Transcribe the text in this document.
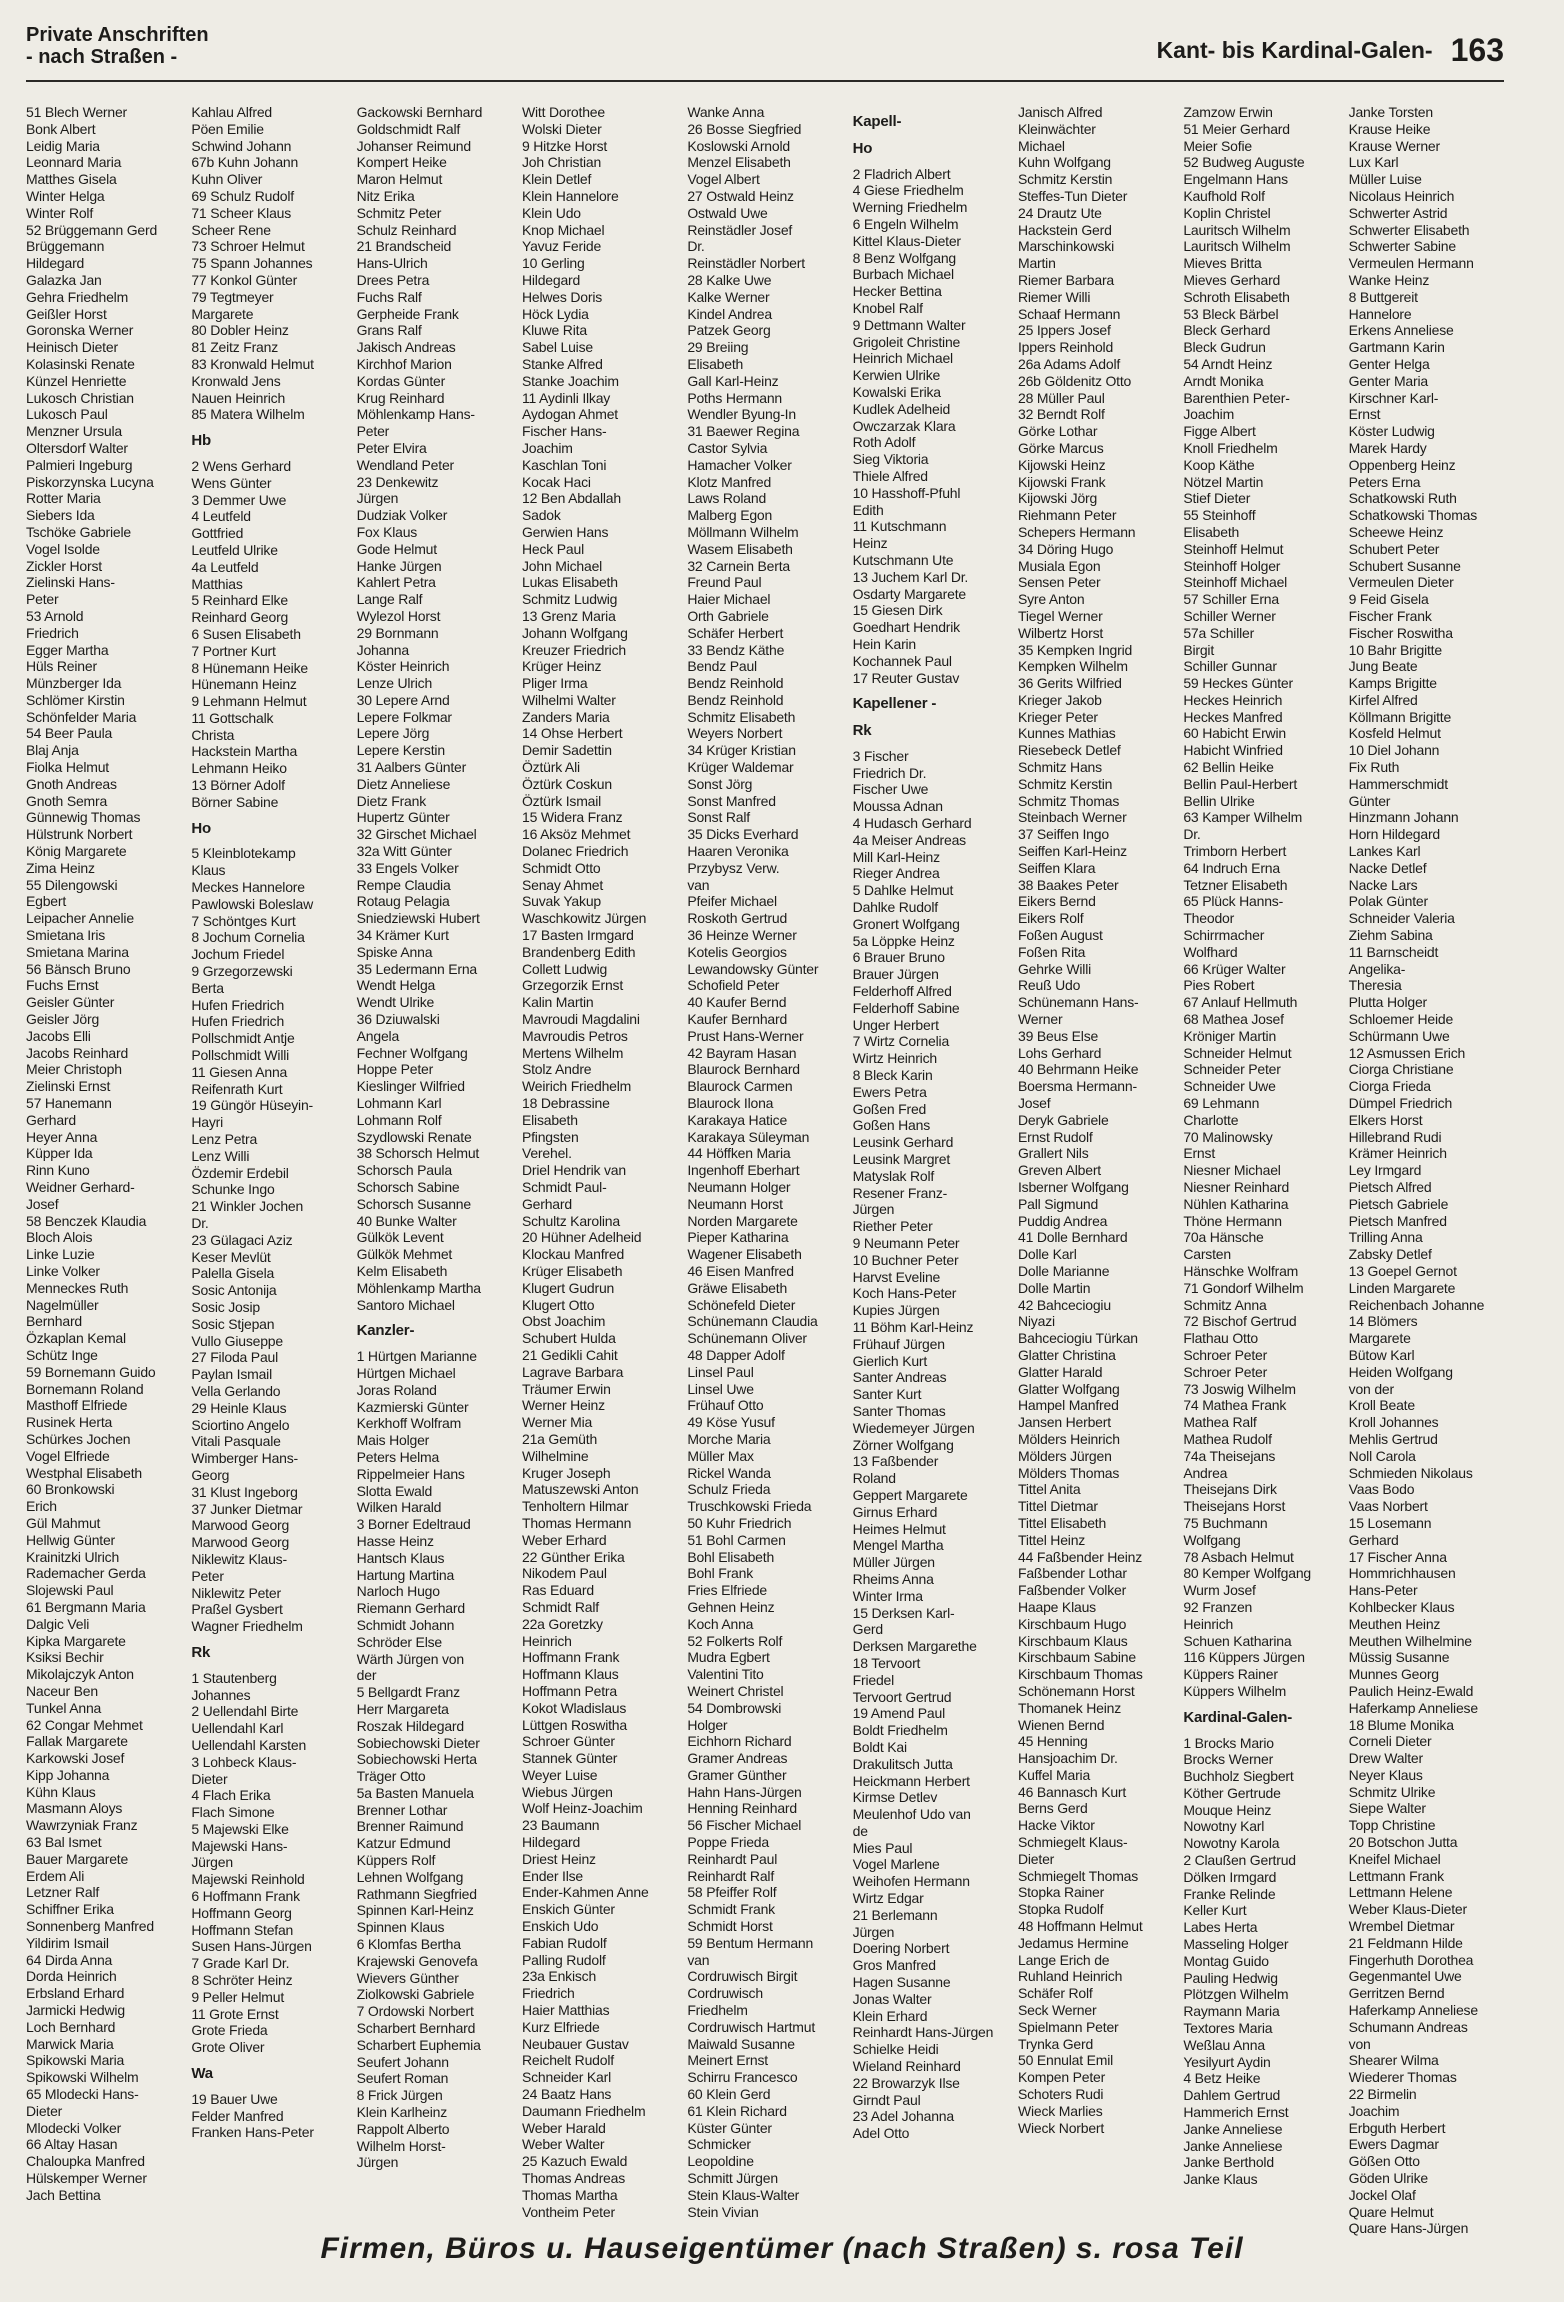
Private Anschriften
- nach Straßen -	Kant- bis Kardinal-Galen- 163
51 Blech Werner
Bonk Albert
Leidig Maria
Leonnard Maria
Matthes Gisela
Winter Helga
Winter Rolf
52 Brüggemann Gerd
Brüggemann
Hildegard
Galazka Jan
Gehra Friedhelm
Geißler Horst
Goronska Werner
Heinisch Dieter
Kolasinski Renate
Künzel Henriette
Lukosch Christian
Lukosch Paul
Menzner Ursula
Oltersdorf Walter
Palmieri Ingeburg
Piskorzynska Lucyna
Rotter Maria
Siebers Ida
Tschöke Gabriele
Vogel Isolde
Zickler Horst
Zielinski Hans-
Peter
53 Arnold
Friedrich
Egger Martha
Hüls Reiner
Münzberger Ida
Schlömer Kirstin
Schönfelder Maria
54 Beer Paula
Blaj Anja
Fiolka Helmut
Gnoth Andreas
Gnoth Semra
Günnewig Thomas
Hülstrunk Norbert
König Margarete
Zima Heinz
55 Dilengowski
Egbert
Leipacher Annelie
Smietana Iris
Smietana Marina
56 Bänsch Bruno
Fuchs Ernst
Geisler Günter
Geisler Jörg
Jacobs Elli
Jacobs Reinhard
Meier Christoph
Zielinski Ernst
57 Hanemann
Gerhard
Heyer Anna
Küpper Ida
Rinn Kuno
Weidner Gerhard-
Josef
58 Benczek Klaudia
Bloch Alois
Linke Luzie
Linke Volker
Menneckes Ruth
Nagelmüller
Bernhard
Özkaplan Kemal
Schütz Inge
59 Bornemann Guido
Bornemann Roland
Masthoff Elfriede
Rusinek Herta
Schürkes Jochen
Vogel Elfriede
Westphal Elisabeth
60 Bronkowski
Erich
Gül Mahmut
Hellwig Günter
Krainitzki Ulrich
Rademacher Gerda
Slojewski Paul
61 Bergmann Maria
Dalgic Veli
Kipka Margarete
Ksiksi Bechir
Mikolajczyk Anton
Naceur Ben
Tunkel Anna
62 Congar Mehmet
Fallak Margarete
Karkowski Josef
Kipp Johanna
Kühn Klaus
Masmann Aloys
Wawrzyniak Franz
63 Bal Ismet
Bauer Margarete
Erdem Ali
Letzner Ralf
Schiffner Erika
Sonnenberg Manfred
Yildirim Ismail
64 Dirda Anna
Dorda Heinrich
Erbsland Erhard
Jarmicki Hedwig
Loch Bernhard
Marwick Maria
Spikowski Maria
Spikowski Wilhelm
65 Mlodecki Hans-
Dieter
Mlodecki Volker
66 Altay Hasan
Chaloupka Manfred
Hülskemper Werner
Jach Bettina
Kahlau Alfred
Pöen Emilie
Schwind Johann
67b Kuhn Johann
Kuhn Oliver
69 Schulz Rudolf
71 Scheer Klaus
Scheer Rene
73 Schroer Helmut
75 Spann Johannes
77 Konkol Günter
79 Tegtmeyer
Margarete
80 Dobler Heinz
81 Zeitz Franz
83 Kronwald Helmut
Kronwald Jens
Nauen Heinrich
85 Matera Wilhelm
Hb
2 Wens Gerhard
Wens Günter
3 Demmer Uwe
4 Leutfeld
Gottfried
Leutfeld Ulrike
4a Leutfeld
Matthias
5 Reinhard Elke
Reinhard Georg
6 Susen Elisabeth
7 Portner Kurt
8 Hünemann Heike
Hünemann Heinz
9 Lehmann Helmut
11 Gottschalk
Christa
Hackstein Martha
Lehmann Heiko
13 Börner Adolf
Börner Sabine
Ho
5 Kleinblotekamp
Klaus
Meckes Hannelore
Pawlowski Boleslaw
7 Schöntges Kurt
8 Jochum Cornelia
Jochum Friedel
9 Grzegorzewski
Berta
Hufen Friedrich
Hufen Friedrich
Pollschmidt Antje
Pollschmidt Willi
11 Giesen Anna
Reifenrath Kurt
19 Güngör Hüseyin-
Hayri
Lenz Petra
Lenz Willi
Özdemir Erdebil
Schunke Ingo
21 Winkler Jochen
Dr.
23 Gülagaci Aziz
Keser Mevlüt
Palella Gisela
Sosic Antonija
Sosic Josip
Sosic Stjepan
Vullo Giuseppe
27 Filoda Paul
Paylan Ismail
Vella Gerlando
29 Heinle Klaus
Sciortino Angelo
Vitali Pasquale
Wimberger Hans-
Georg
31 Klust Ingeborg
37 Junker Dietmar
Marwood Georg
Marwood Georg
Niklewitz Klaus-
Peter
Niklewitz Peter
Praßel Gysbert
Wagner Friedhelm
Rk
1 Stautenberg
Johannes
2 Uellendahl Birte
Uellendahl Karl
Uellendahl Karsten
3 Lohbeck Klaus-
Dieter
4 Flach Erika
Flach Simone
5 Majewski Elke
Majewski Hans-
Jürgen
Majewski Reinhold
6 Hoffmann Frank
Hoffmann Georg
Hoffmann Stefan
Susen Hans-Jürgen
7 Grade Karl Dr.
8 Schröter Heinz
9 Peller Helmut
11 Grote Ernst
Grote Frieda
Grote Oliver
Wa
19 Bauer Uwe
Felder Manfred
Franken Hans-Peter
Gackowski Bernhard
Goldschmidt Ralf
Johanser Reimund
Kompert Heike
Maron Helmut
Nitz Erika
Schmitz Peter
Schulz Reinhard
21 Brandscheid
Hans-Ulrich
Drees Petra
Fuchs Ralf
Gerpheide Frank
Grans Ralf
Jakisch Andreas
Kirchhof Marion
Kordas Günter
Krug Reinhard
Möhlenkamp Hans-
Peter
Peter Elvira
Wendland Peter
23 Denkewitz
Jürgen
Dudziak Volker
Fox Klaus
Gode Helmut
Hanke Jürgen
Kahlert Petra
Lange Ralf
Wylezol Horst
29 Bornmann
Johanna
Köster Heinrich
Lenze Ulrich
30 Lepere Arnd
Lepere Folkmar
Lepere Jörg
Lepere Kerstin
31 Aalbers Günter
Dietz Anneliese
Dietz Frank
Hupertz Günter
32 Girschet Michael
32a Witt Günter
33 Engels Volker
Rempe Claudia
Rotaug Pelagia
Sniedziewski Hubert
34 Krämer Kurt
Spiske Anna
35 Ledermann Erna
Wendt Helga
Wendt Ulrike
36 Dziuwalski
Angela
Fechner Wolfgang
Hoppe Peter
Kieslinger Wilfried
Lohmann Karl
Lohmann Rolf
Szydlowski Renate
38 Schorsch Helmut
Schorsch Paula
Schorsch Sabine
Schorsch Susanne
40 Bunke Walter
Gülkök Levent
Gülkök Mehmet
Kelm Elisabeth
Möhlenkamp Martha
Santoro Michael
Kanzler-
1 Hürtgen Marianne
Hürtgen Michael
Joras Roland
Kazmierski Günter
Kerkhoff Wolfram
Mais Holger
Peters Helma
Rippelmeier Hans
Slotta Ewald
Wilken Harald
3 Borner Edeltraud
Hasse Heinz
Hantsch Klaus
Hartung Martina
Narloch Hugo
Riemann Gerhard
Schmidt Johann
Schröder Else
Wärth Jürgen von
der
5 Bellgardt Franz
Herr Margareta
Roszak Hildegard
Sobiechowski Dieter
Sobiechowski Herta
Träger Otto
5a Basten Manuela
Brenner Lothar
Brenner Raimund
Katzur Edmund
Küppers Rolf
Lehnen Wolfgang
Rathmann Siegfried
Spinnen Karl-Heinz
Spinnen Klaus
6 Klomfas Bertha
Krajewski Genovefa
Wievers Günther
Ziolkowski Gabriele
7 Ordowski Norbert
Scharbert Bernhard
Scharbert Euphemia
Seufert Johann
Seufert Roman
8 Frick Jürgen
Klein Karlheinz
Rappolt Alberto
Wilhelm Horst-
Jürgen
Witt Dorothee
Wolski Dieter
9 Hitzke Horst
Joh Christian
Klein Detlef
Klein Hannelore
Klein Udo
Knop Michael
Yavuz Feride
10 Gerling
Hildegard
Helwes Doris
Höck Lydia
Kluwe Rita
Sabel Luise
Stanke Alfred
Stanke Joachim
11 Aydinli Ilkay
Aydogan Ahmet
Fischer Hans-
Joachim
Kaschlan Toni
Kocak Haci
12 Ben Abdallah
Sadok
Gerwien Hans
Heck Paul
John Michael
Lukas Elisabeth
Schmitz Ludwig
13 Grenz Maria
Johann Wolfgang
Kreuzer Friedrich
Krüger Heinz
Pliger Irma
Wilhelmi Walter
Zanders Maria
14 Ohse Herbert
Demir Sadettin
Öztürk Ali
Öztürk Coskun
Öztürk Ismail
15 Widera Franz
16 Aksöz Mehmet
Dolanec Friedrich
Schmidt Otto
Senay Ahmet
Suvak Yakup
Waschkowitz Jürgen
17 Basten Irmgard
Brandenberg Edith
Collett Ludwig
Grzegorzik Ernst
Kalin Martin
Mavroudi Magdalini
Mavroudis Petros
Mertens Wilhelm
Stolz Andre
Weirich Friedhelm
18 Debrassine
Elisabeth
Pfingsten
Verehel.
Driel Hendrik van
Schmidt Paul-
Gerhard
Schultz Karolina
20 Hühner Adelheid
Klockau Manfred
Krüger Elisabeth
Klugert Gudrun
Klugert Otto
Obst Joachim
Schubert Hulda
21 Gedikli Cahit
Lagrave Barbara
Träumer Erwin
Werner Heinz
Werner Mia
21a Gemüth
Wilhelmine
Kruger Joseph
Matuszewski Anton
Tenholtern Hilmar
Thomas Hermann
Weber Erhard
22 Günther Erika
Nikodem Paul
Ras Eduard
Schmidt Ralf
22a Goretzky
Heinrich
Hoffmann Frank
Hoffmann Klaus
Hoffmann Petra
Kokot Wladislaus
Lüttgen Roswitha
Schroer Günter
Stannek Günter
Weyer Luise
Wiebus Jürgen
Wolf Heinz-Joachim
23 Baumann
Hildegard
Driest Heinz
Ender Ilse
Ender-Kahmen Anne
Enskich Günter
Enskich Udo
Fabian Rudolf
Palling Rudolf
23a Enkisch
Friedrich
Haier Matthias
Kurz Elfriede
Neubauer Gustav
Reichelt Rudolf
Schneider Karl
24 Baatz Hans
Daumann Friedhelm
Weber Harald
Weber Walter
25 Kazuch Ewald
Thomas Andreas
Thomas Martha
Vontheim Peter
Wanke Anna
26 Bosse Siegfried
Koslowski Arnold
Menzel Elisabeth
Vogel Albert
27 Ostwald Heinz
Ostwald Uwe
Reinstädler Josef
Dr.
Reinstädler Norbert
28 Kalke Uwe
Kalke Werner
Kindel Andrea
Patzek Georg
29 Breiing
Elisabeth
Gall Karl-Heinz
Poths Hermann
Wendler Byung-In
31 Baewer Regina
Castor Sylvia
Hamacher Volker
Klotz Manfred
Laws Roland
Malberg Egon
Möllmann Wilhelm
Wasem Elisabeth
32 Carnein Berta
Freund Paul
Haier Michael
Orth Gabriele
Schäfer Herbert
33 Bendz Käthe
Bendz Paul
Bendz Reinhold
Bendz Reinhold
Schmitz Elisabeth
Weyers Norbert
34 Krüger Kristian
Krüger Waldemar
Sonst Jörg
Sonst Manfred
Sonst Ralf
35 Dicks Everhard
Haaren Veronika
Przybysz Verw.
van
Pfeifer Michael
Roskoth Gertrud
36 Heinze Werner
Kotelis Georgios
Lewandowsky Günter
Schofield Peter
40 Kaufer Bernd
Kaufer Bernhard
Prust Hans-Werner
42 Bayram Hasan
Blaurock Bernhard
Blaurock Carmen
Blaurock Ilona
Karakaya Hatice
Karakaya Süleyman
44 Höffken Maria
Ingenhoff Eberhart
Neumann Holger
Neumann Horst
Norden Margarete
Pieper Katharina
Wagener Elisabeth
46 Eisen Manfred
Gräwe Elisabeth
Schönefeld Dieter
Schünemann Claudia
Schünemann Oliver
48 Dapper Adolf
Linsel Paul
Linsel Uwe
Frühauf Otto
49 Köse Yusuf
Morche Maria
Müller Max
Rickel Wanda
Schulz Frieda
Truschkowski Frieda
50 Kuhr Friedrich
51 Bohl Carmen
Bohl Elisabeth
Bohl Frank
Fries Elfriede
Gehnen Heinz
Koch Anna
52 Folkerts Rolf
Mudra Egbert
Valentini Tito
Weinert Christel
54 Dombrowski
Holger
Eichhorn Richard
Gramer Andreas
Gramer Günther
Hahn Hans-Jürgen
Henning Reinhard
56 Fischer Michael
Poppe Frieda
Reinhardt Paul
Reinhardt Ralf
58 Pfeiffer Rolf
Schmidt Frank
Schmidt Horst
59 Bentum Hermann
van
Cordruwisch Birgit
Cordruwisch
Friedhelm
Cordruwisch Hartmut
Maiwald Susanne
Meinert Ernst
Schirru Francesco
60 Klein Gerd
61 Klein Richard
Küster Günter
Schmicker
Leopoldine
Schmitt Jürgen
Stein Klaus-Walter
Stein Vivian
Kapell-
Ho
2 Fladrich Albert
4 Giese Friedhelm
Werning Friedhelm
6 Engeln Wilhelm
Kittel Klaus-Dieter
8 Benz Wolfgang
Burbach Michael
Hecker Bettina
Knobel Ralf
9 Dettmann Walter
Grigoleit Christine
Heinrich Michael
Kerwien Ulrike
Kowalski Erika
Kudlek Adelheid
Owczarzak Klara
Roth Adolf
Sieg Viktoria
Thiele Alfred
10 Hasshoff-Pfuhl
Edith
11 Kutschmann
Heinz
Kutschmann Ute
13 Juchem Karl Dr.
Osdarty Margarete
15 Giesen Dirk
Goedhart Hendrik
Hein Karin
Kochannek Paul
17 Reuter Gustav
Kapellener -
Rk
3 Fischer
Friedrich Dr.
Fischer Uwe
Moussa Adnan
4 Hudasch Gerhard
4a Meiser Andreas
Mill Karl-Heinz
Rieger Andrea
5 Dahlke Helmut
Dahlke Rudolf
Gronert Wolfgang
5a Löppke Heinz
6 Brauer Bruno
Brauer Jürgen
Felderhoff Alfred
Felderhoff Sabine
Unger Herbert
7 Wirtz Cornelia
Wirtz Heinrich
8 Bleck Karin
Ewers Petra
Goßen Fred
Goßen Hans
Leusink Gerhard
Leusink Margret
Matyslak Rolf
Resener Franz-
Jürgen
Riether Peter
9 Neumann Peter
10 Buchner Peter
Harvst Eveline
Koch Hans-Peter
Kupies Jürgen
11 Böhm Karl-Heinz
Frühauf Jürgen
Gierlich Kurt
Santer Andreas
Santer Kurt
Santer Thomas
Wiedemeyer Jürgen
Zörner Wolfgang
13 Faßbender
Roland
Geppert Margarete
Girnus Erhard
Heimes Helmut
Mengel Martha
Müller Jürgen
Rheims Anna
Winter Irma
15 Derksen Karl-
Gerd
Derksen Margarethe
18 Tervoort
Friedel
Tervoort Gertrud
19 Amend Paul
Boldt Friedhelm
Boldt Kai
Drakulitsch Jutta
Heickmann Herbert
Kirmse Detlev
Meulenhof Udo van
de
Mies Paul
Vogel Marlene
Weihofen Hermann
Wirtz Edgar
21 Berlemann
Jürgen
Doering Norbert
Gros Manfred
Hagen Susanne
Jonas Walter
Klein Erhard
Reinhardt Hans-Jürgen
Schielke Heidi
Wieland Reinhard
22 Browarzyk Ilse
Girndt Paul
23 Adel Johanna
Adel Otto
Janisch Alfred
Kleinwächter
Michael
Kuhn Wolfgang
Schmitz Kerstin
Steffes-Tun Dieter
24 Drautz Ute
Hackstein Gerd
Marschinkowski
Martin
Riemer Barbara
Riemer Willi
Schaaf Hermann
25 Ippers Josef
Ippers Reinhold
26a Adams Adolf
26b Göldenitz Otto
28 Müller Paul
32 Berndt Rolf
Görke Lothar
Görke Marcus
Kijowski Heinz
Kijowski Frank
Kijowski Jörg
Riehmann Peter
Schepers Hermann
34 Döring Hugo
Musiala Egon
Sensen Peter
Syre Anton
Tiegel Werner
Wilbertz Horst
35 Kempken Ingrid
Kempken Wilhelm
36 Gerits Wilfried
Krieger Jakob
Krieger Peter
Kunnes Mathias
Riesebeck Detlef
Schmitz Hans
Schmitz Kerstin
Schmitz Thomas
Steinbach Werner
37 Seiffen Ingo
Seiffen Karl-Heinz
Seiffen Klara
38 Baakes Peter
Eikers Bernd
Eikers Rolf
Foßen August
Foßen Rita
Gehrke Willi
Reuß Udo
Schünemann Hans-
Werner
39 Beus Else
Lohs Gerhard
40 Behrmann Heike
Boersma Hermann-
Josef
Deryk Gabriele
Ernst Rudolf
Grallert Nils
Greven Albert
Isberner Wolfgang
Pall Sigmund
Puddig Andrea
41 Dolle Bernhard
Dolle Karl
Dolle Marianne
Dolle Martin
42 Bahceciogiu
Niyazi
Bahceciogiu Türkan
Glatter Christina
Glatter Harald
Glatter Wolfgang
Hampel Manfred
Jansen Herbert
Mölders Heinrich
Mölders Jürgen
Mölders Thomas
Tittel Anita
Tittel Dietmar
Tittel Elisabeth
Tittel Heinz
44 Faßbender Heinz
Faßbender Lothar
Faßbender Volker
Haape Klaus
Kirschbaum Hugo
Kirschbaum Klaus
Kirschbaum Sabine
Kirschbaum Thomas
Schönemann Horst
Thomanek Heinz
Wienen Bernd
45 Henning
Hansjoachim Dr.
Kuffel Maria
46 Bannasch Kurt
Berns Gerd
Hacke Viktor
Schmiegelt Klaus-
Dieter
Schmiegelt Thomas
Stopka Rainer
Stopka Rudolf
48 Hoffmann Helmut
Jedamus Hermine
Lange Erich de
Ruhland Heinrich
Schäfer Rolf
Seck Werner
Spielmann Peter
Trynka Gerd
50 Ennulat Emil
Kompen Peter
Schoters Rudi
Wieck Marlies
Wieck Norbert
Zamzow Erwin
51 Meier Gerhard
Meier Sofie
52 Budweg Auguste
Engelmann Hans
Kaufhold Rolf
Koplin Christel
Lauritsch Wilhelm
Lauritsch Wilhelm
Mieves Britta
Mieves Gerhard
Schroth Elisabeth
53 Bleck Bärbel
Bleck Gerhard
Bleck Gudrun
54 Arndt Heinz
Arndt Monika
Barenthien Peter-
Joachim
Figge Albert
Knoll Friedhelm
Koop Käthe
Nötzel Martin
Stief Dieter
55 Steinhoff
Elisabeth
Steinhoff Helmut
Steinhoff Holger
Steinhoff Michael
57 Schiller Erna
Schiller Werner
57a Schiller
Birgit
Schiller Gunnar
59 Heckes Günter
Heckes Heinrich
Heckes Manfred
60 Habicht Erwin
Habicht Winfried
62 Bellin Heike
Bellin Paul-Herbert
Bellin Ulrike
63 Kamper Wilhelm
Dr.
Trimborn Herbert
64 Indruch Erna
Tetzner Elisabeth
65 Plück Hanns-
Theodor
Schirrmacher
Wolfhard
66 Krüger Walter
Pies Robert
67 Anlauf Hellmuth
68 Mathea Josef
Kröniger Martin
Schneider Helmut
Schneider Peter
Schneider Uwe
69 Lehmann
Charlotte
70 Malinowsky
Ernst
Niesner Michael
Niesner Reinhard
Nühlen Katharina
Thöne Hermann
70a Hänsche
Carsten
Hänschke Wolfram
71 Gondorf Wilhelm
Schmitz Anna
72 Bischof Gertrud
Flathau Otto
Schroer Peter
Schroer Peter
73 Joswig Wilhelm
74 Mathea Frank
Mathea Ralf
Mathea Rudolf
74a Theisejans
Andrea
Theisejans Dirk
Theisejans Horst
75 Buchmann
Wolfgang
78 Asbach Helmut
80 Kemper Wolfgang
Wurm Josef
92 Franzen
Heinrich
Schuen Katharina
116 Küppers Jürgen
Küppers Rainer
Küppers Wilhelm
Kardinal-Galen-
1 Brocks Mario
Brocks Werner
Buchholz Siegbert
Köther Gertrude
Mouque Heinz
Nowotny Karl
Nowotny Karola
2 Claußen Gertrud
Dölken Irmgard
Franke Relinde
Keller Kurt
Labes Herta
Masseling Holger
Montag Guido
Pauling Hedwig
Plötzgen Wilhelm
Raymann Maria
Textores Maria
Weßlau Anna
Yesilyurt Aydin
4 Betz Heike
Dahlem Gertrud
Hammerich Ernst
Janke Anneliese
Janke Anneliese
Janke Berthold
Janke Klaus
Janke Torsten
Krause Heike
Krause Werner
Lux Karl
Müller Luise
Nicolaus Heinrich
Schwerter Astrid
Schwerter Elisabeth
Schwerter Sabine
Vermeulen Hermann
Wanke Heinz
8 Buttgereit
Hannelore
Erkens Anneliese
Gartmann Karin
Genter Helga
Genter Maria
Kirschner Karl-
Ernst
Köster Ludwig
Marek Hardy
Oppenberg Heinz
Peters Erna
Schatkowski Ruth
Schatkowski Thomas
Scheewe Heinz
Schubert Peter
Schubert Susanne
Vermeulen Dieter
9 Feid Gisela
Fischer Frank
Fischer Roswitha
10 Bahr Brigitte
Jung Beate
Kamps Brigitte
Kirfel Alfred
Köllmann Brigitte
Kosfeld Helmut
10 Diel Johann
Fix Ruth
Hammerschmidt
Günter
Hinzmann Johann
Horn Hildegard
Lankes Karl
Nacke Detlef
Nacke Lars
Polak Günter
Schneider Valeria
Ziehm Sabina
11 Barnscheidt
Angelika-
Theresia
Plutta Holger
Schloemer Heide
Schürmann Uwe
12 Asmussen Erich
Ciorga Christiane
Ciorga Frieda
Dümpel Friedrich
Elkers Horst
Hillebrand Rudi
Krämer Heinrich
Ley Irmgard
Pietsch Alfred
Pietsch Gabriele
Pietsch Manfred
Trilling Anna
Zabsky Detlef
13 Goepel Gernot
Linden Margarete
Reichenbach Johanne
14 Blömers
Margarete
Bütow Karl
Heiden Wolfgang
von der
Kroll Beate
Kroll Johannes
Mehlis Gertrud
Noll Carola
Schmieden Nikolaus
Vaas Bodo
Vaas Norbert
15 Losemann
Gerhard
17 Fischer Anna
Hommrichhausen
Hans-Peter
Kohlbecker Klaus
Meuthen Heinz
Meuthen Wilhelmine
Müssig Susanne
Munnes Georg
Paulich Heinz-Ewald
Haferkamp Anneliese
18 Blume Monika
Corneli Dieter
Drew Walter
Neyer Klaus
Schmitz Ulrike
Siepe Walter
Topp Christine
20 Botschon Jutta
Kneifel Michael
Lettmann Frank
Lettmann Helene
Weber Klaus-Dieter
Wrembel Dietmar
21 Feldmann Hilde
Fingerhuth Dorothea
Gegenmantel Uwe
Gerritzen Bernd
Haferkamp Anneliese
Schumann Andreas
von
Shearer Wilma
Wiederer Thomas
22 Birmelin
Joachim
Erbguth Herbert
Ewers Dagmar
Gößen Otto
Göden Ulrike
Jockel Olaf
Quare Helmut
Quare Hans-Jürgen
Firmen, Büros u. Hauseigentümer (nach Straßen) s. rosa Teil
